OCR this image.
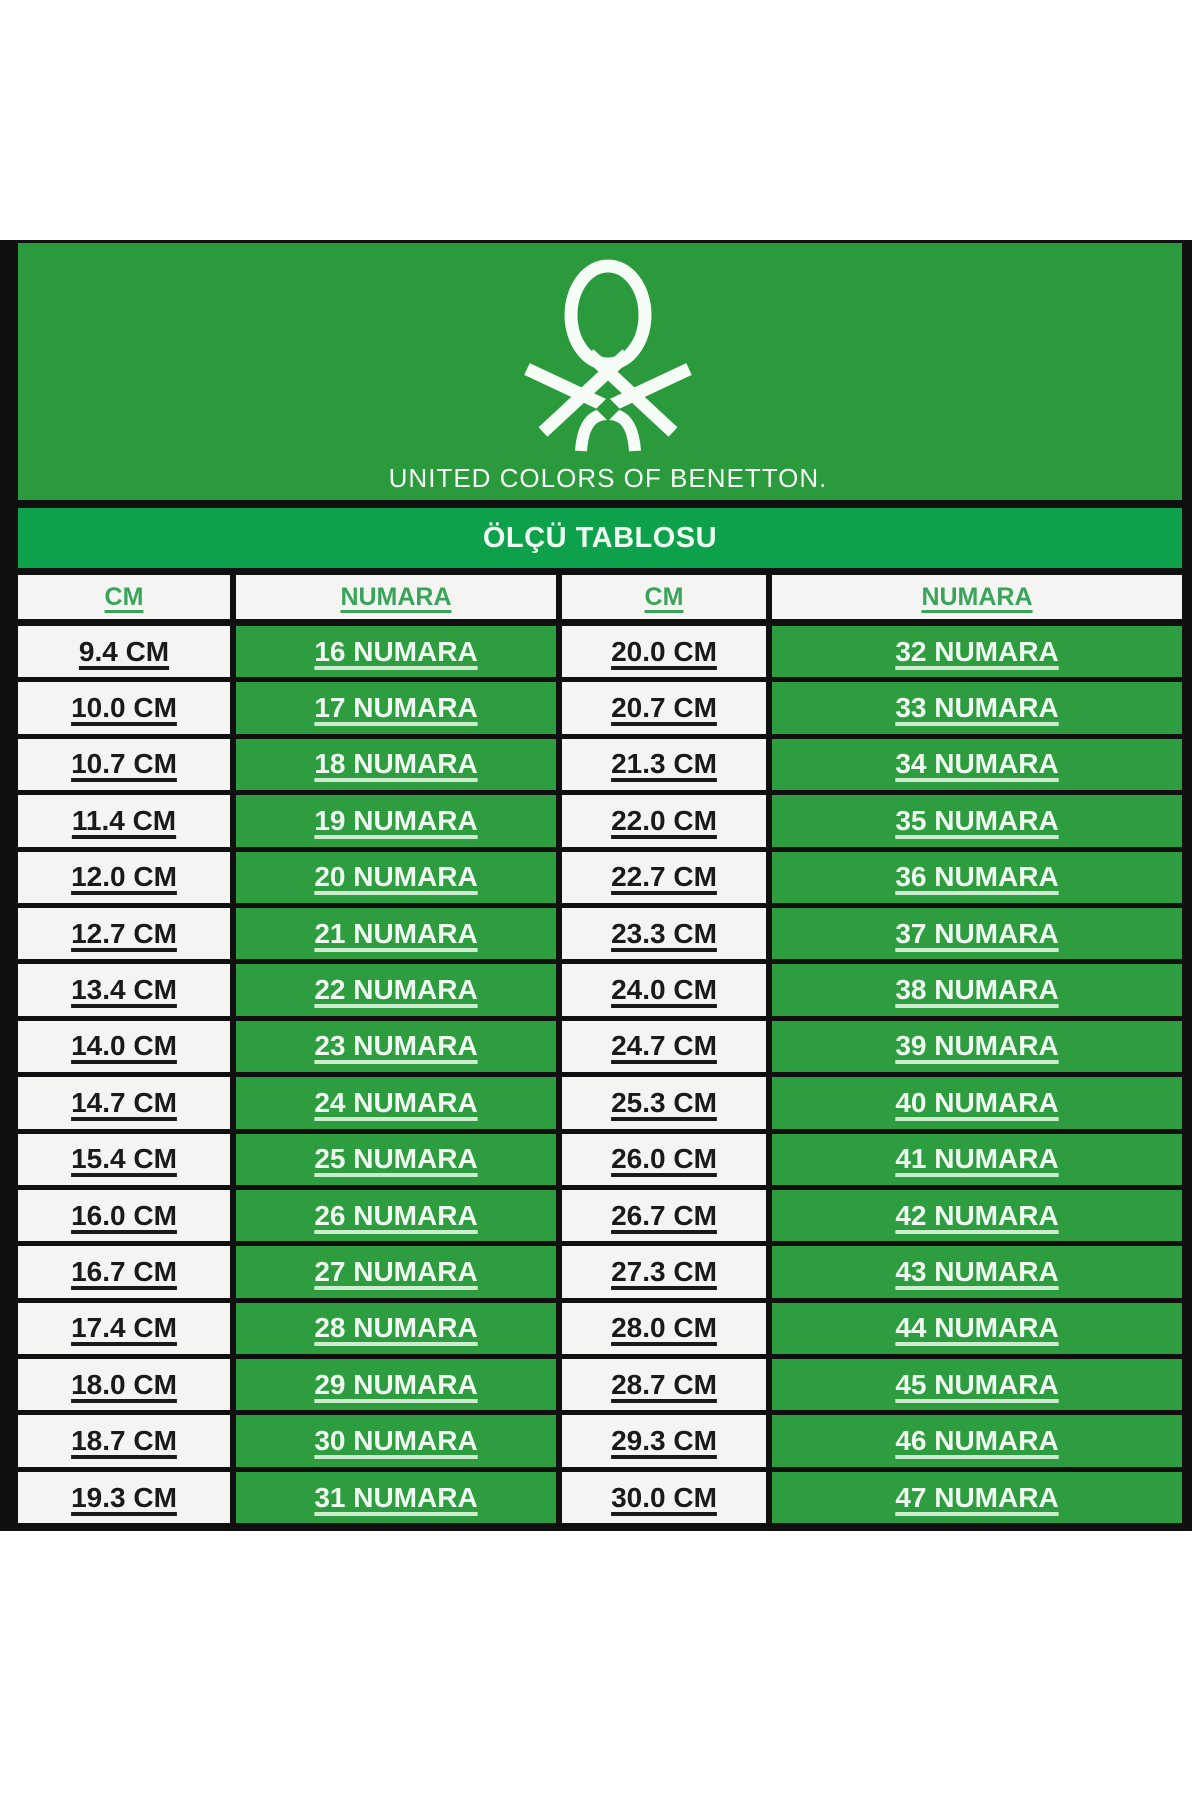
UNITED COLORS OF BENETTON.
ÖLÇÜ TABLOSU
CM	NUMARA	CM	NUMARA
9.4 CM	16 NUMARA	20.0 CM	32 NUMARA
10.0 CM	17 NUMARA	20.7 CM	33 NUMARA
10.7 CM	18 NUMARA	21.3 CM	34 NUMARA
11.4 CM	19 NUMARA	22.0 CM	35 NUMARA
12.0 CM	20 NUMARA	22.7 CM	36 NUMARA
12.7 CM	21 NUMARA	23.3 CM	37 NUMARA
13.4 CM	22 NUMARA	24.0 CM	38 NUMARA
14.0 CM	23 NUMARA	24.7 CM	39 NUMARA
14.7 CM	24 NUMARA	25.3 CM	40 NUMARA
15.4 CM	25 NUMARA	26.0 CM	41 NUMARA
16.0 CM	26 NUMARA	26.7 CM	42 NUMARA
16.7 CM	27 NUMARA	27.3 CM	43 NUMARA
17.4 CM	28 NUMARA	28.0 CM	44 NUMARA
18.0 CM	29 NUMARA	28.7 CM	45 NUMARA
18.7 CM	30 NUMARA	29.3 CM	46 NUMARA
19.3 CM	31 NUMARA	30.0 CM	47 NUMARA
